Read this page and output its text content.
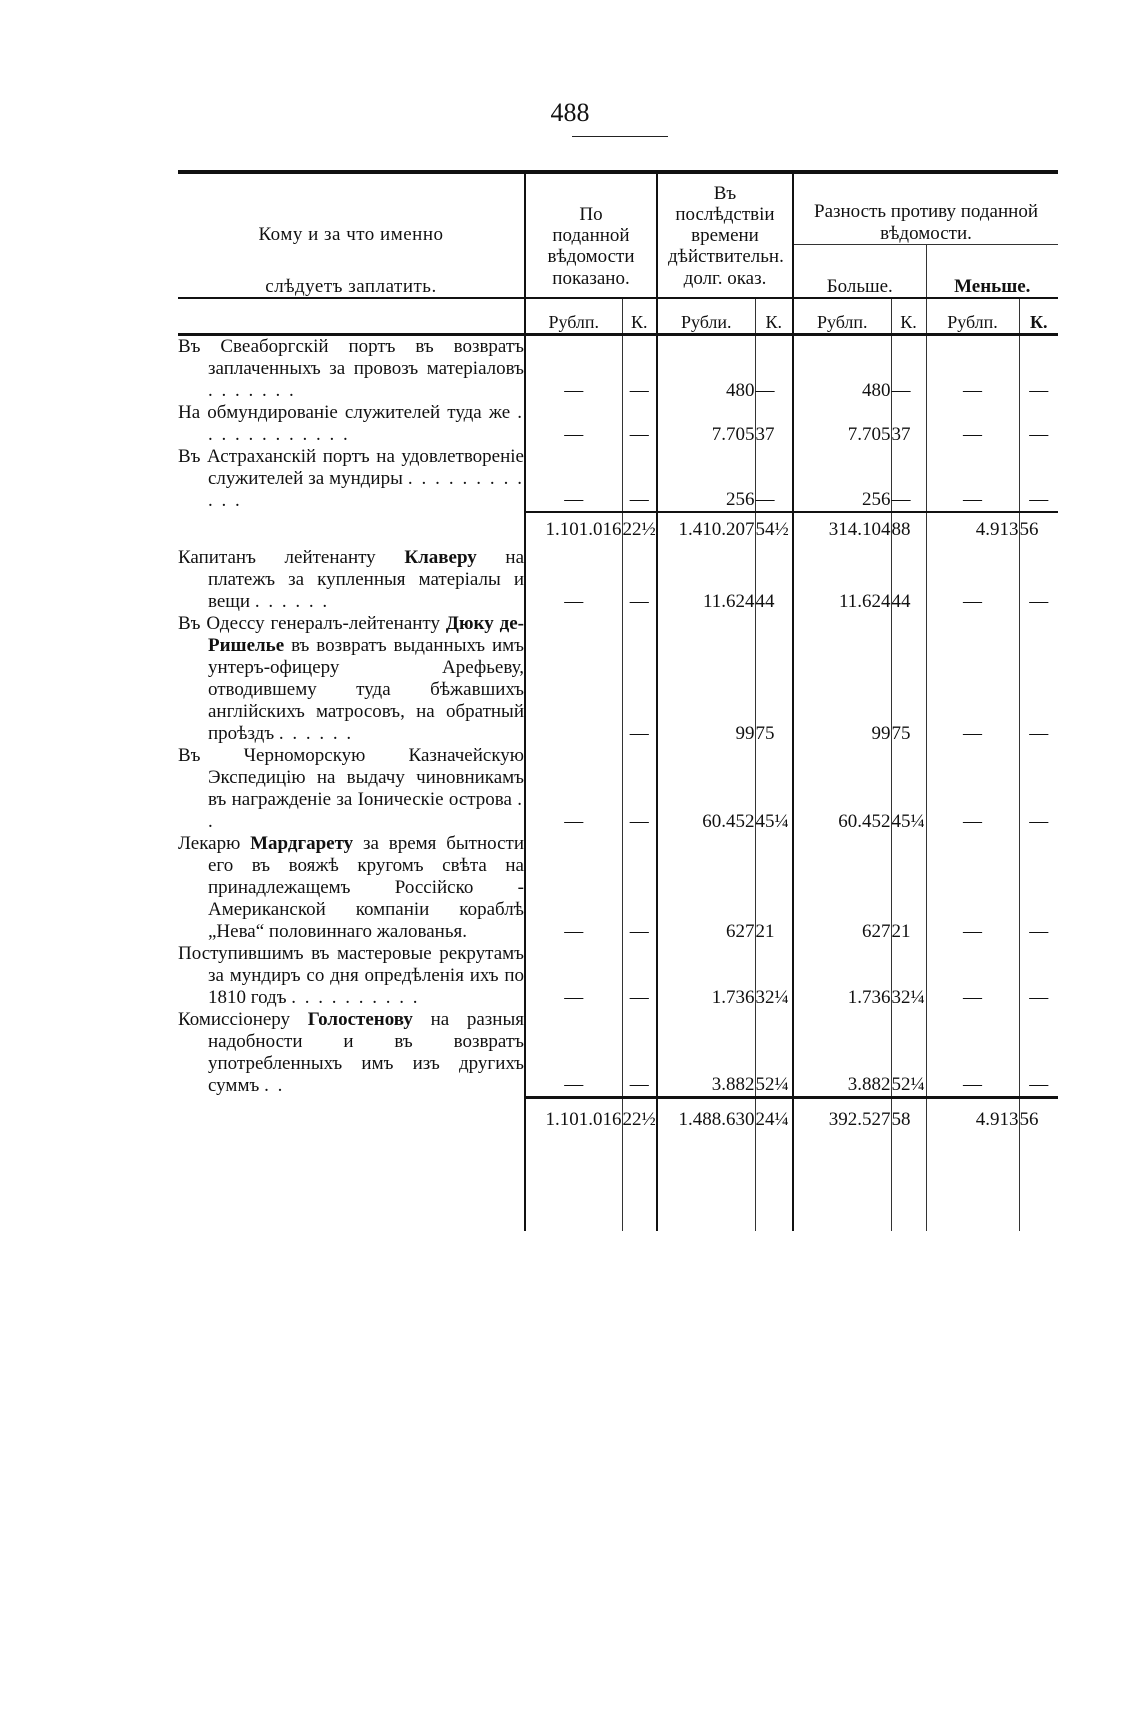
488

Кому и за что именно
слѣдуетъ заплатить.	По поданной вѣдомости показано.		Въ послѣдствіи времени дѣйствительн. долг. оказ.		Разность противу поданной вѣдомости.			
					Больше.		Меньше.	
	Рублп.	К.	Рубли.	К.	Рублп.	К.	Рублп.	К.

Въ Свеаборгскій портъ въ возвратъ заплаченныхъ за провозъ матеріаловъ . . . . . . .	—	—	480	—	480	—	—	—

На обмундированіе служителей туда же . . . . . . . . . . . .	—	—	7.705	37	7.705	37	—	—

Въ Астраханскій портъ на удовлетвореніе служителей за мундиры . . . . . . . . . . . .	—	—	256	—	256	—	—	—
	1.101.016	22½	1.410.207	54½	314.104	88	4.913	56

Капитанъ лейтенанту Клаверу на платежъ за купленныя матеріалы и вещи . . . . . .	—	—	11.624	44	11.624	44	—	—

Въ Одессу генералъ-лейтенанту Дюку де-Ришелье въ возвратъ выданныхъ имъ унтеръ-офицеру Арефьеву, отводившему туда бѣжавшихъ англійскихъ матросовъ, на обратный проѣздъ . . . . . .		—	99	75	99	75	—	—

Въ Черноморскую Казначейскую Экспедицію на выдачу чиновникамъ въ награжденіе за Іоническіе острова . .	—	—	60.452	45¼	60.452	45¼	—	—

Лекарю Мардгарету за время бытности его въ вояжѣ кругомъ свѣта на принадлежащемъ Россійско - Американской компаніи кораблѣ „Нева“ половиннаго жалованья.	—	—	627	21	627	21	—	—

Поступившимъ въ мастеровые рекрутамъ за мундиръ со дня опредѣленія ихъ по 1810 годъ . . . . . . . . . .	—	—	1.736	32¼	1.736	32¼	—	—

Комиссіонеру Голостенову на разныя надобности и въ возвратъ употребленныхъ имъ изъ другихъ суммъ . .	—	—	3.882	52¼	3.882	52¼	—	—
	1.101.016	22½	1.488.630	24¼	392.527	58	4.913	56
